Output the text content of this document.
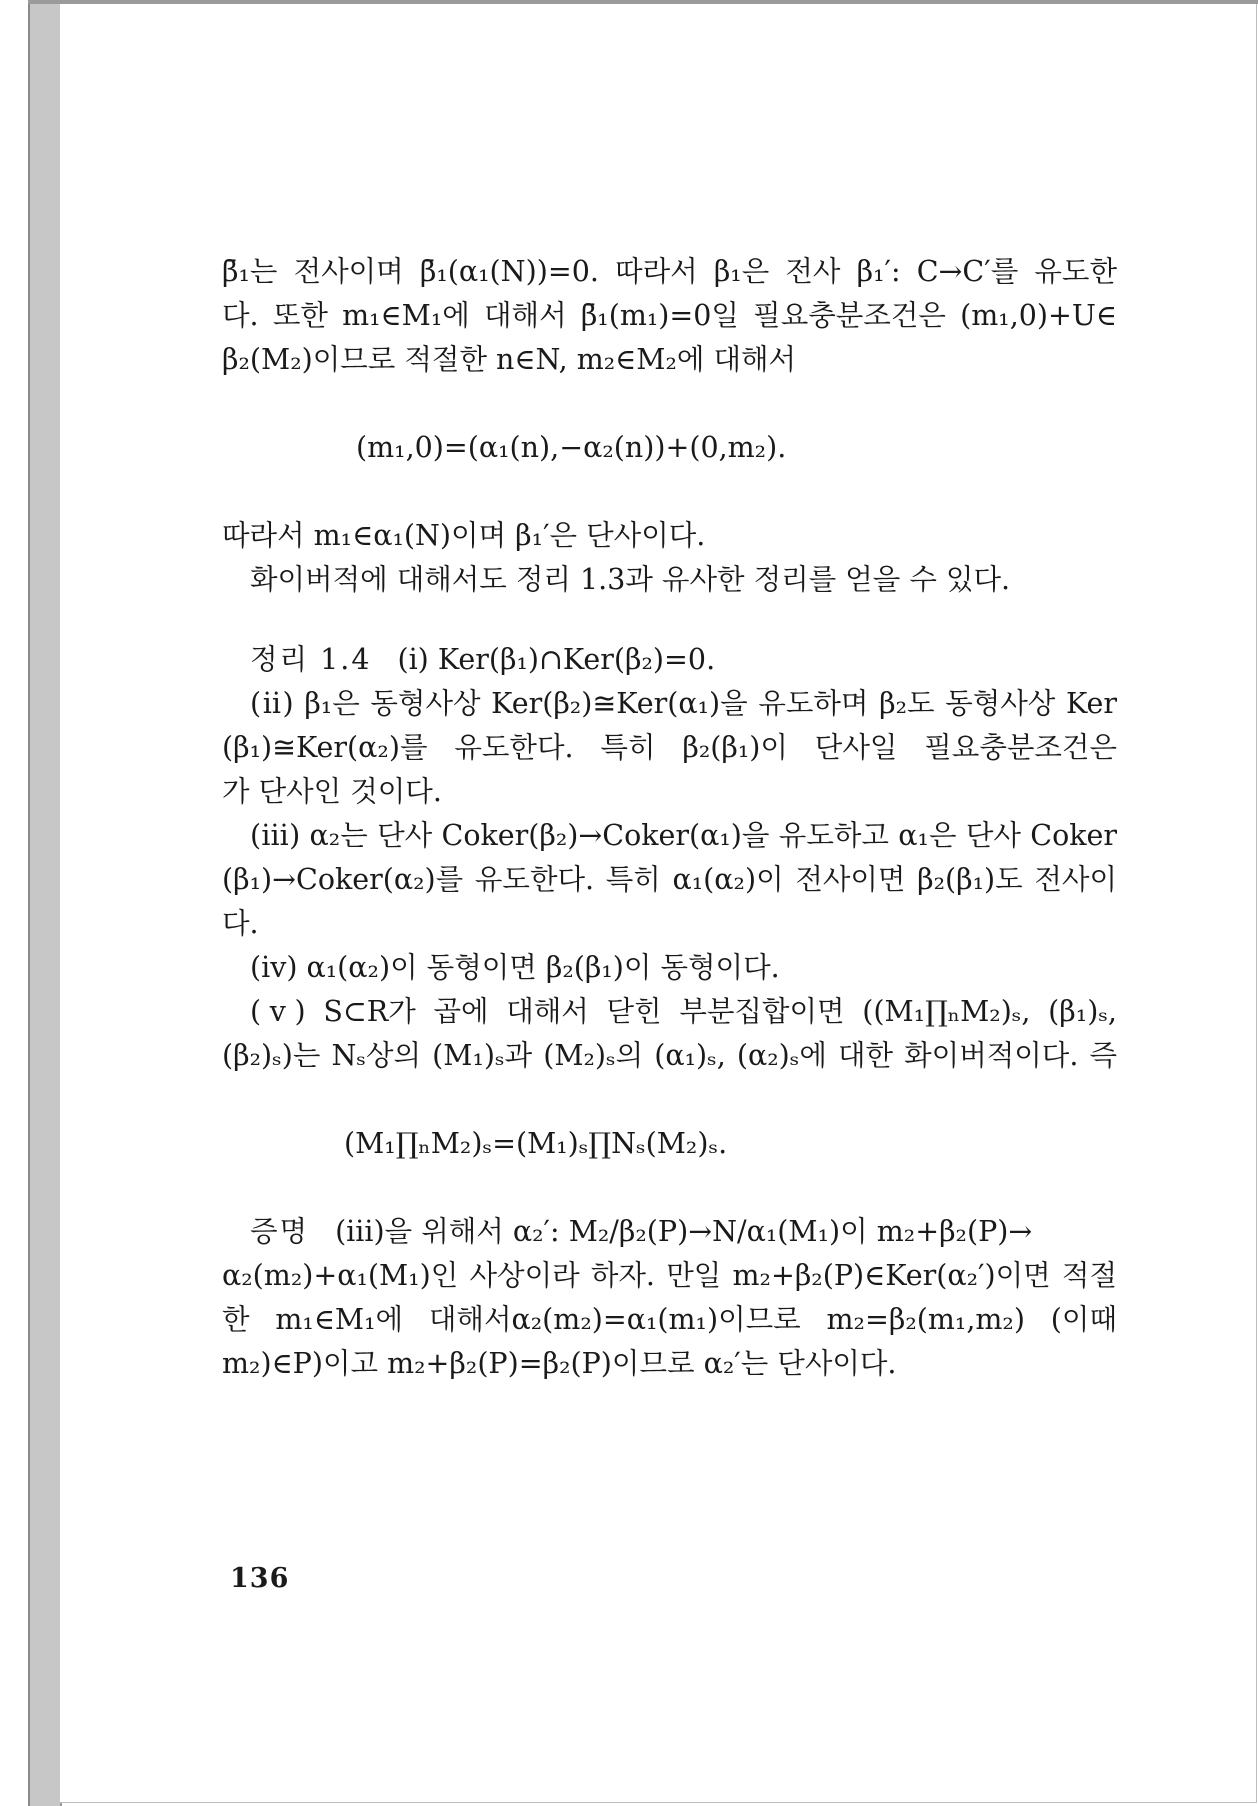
β̄₁는 전사이며 β̄₁(α₁(N))=0. 따라서 β₁은 전사 β₁′: C→C′를 유도한
다. 또한 m₁∈M₁에 대해서 β̄₁(m₁)=0일 필요충분조건은 (m₁,0)+U∈
β₂(M₂)이므로 적절한 n∈N, m₂∈M₂에 대해서
(m₁,0)=(α₁(n),−α₂(n))+(0,m₂).
따라서 m₁∈α₁(N)이며 β₁′은 단사이다.
화이버적에 대해서도 정리 1.3과 유사한 정리를 얻을 수 있다.
정리 1.4 (ⅰ) Ker(β₁)∩Ker(β₂)=0.
(ⅱ) β₁은 동형사상 Ker(β₂)≅Ker(α₁)을 유도하며 β₂도 동형사상 Ker
(β₁)≅Ker(α₂)를 유도한다. 특히 β₂(β₁)이 단사일 필요충분조건은
가 단사인 것이다.
(ⅲ) α₂는 단사 Coker(β₂)→Coker(α₁)을 유도하고 α₁은 단사 Coker
(β₁)→Coker(α₂)를 유도한다. 특히 α₁(α₂)이 전사이면 β₂(β₁)도 전사이
다.
(ⅳ) α₁(α₂)이 동형이면 β₂(β₁)이 동형이다.
(ⅴ) S⊂R가 곱에 대해서 닫힌 부분집합이면 ((M₁∏ₙM₂)ₛ, (β₁)ₛ,
(β₂)ₛ)는 Nₛ상의 (M₁)ₛ과 (M₂)ₛ의 (α₁)ₛ, (α₂)ₛ에 대한 화이버적이다. 즉
(M₁∏ₙM₂)ₛ=(M₁)ₛ∏Nₛ(M₂)ₛ.
증명 (ⅲ)을 위해서 α₂′: M₂/β₂(P)→N/α₁(M₁)이 m₂+β₂(P)→
α₂(m₂)+α₁(M₁)인 사상이라 하자. 만일 m₂+β₂(P)∈Ker(α₂′)이면 적절
한 m₁∈M₁에 대해서α₂(m₂)=α₁(m₁)이므로 m₂=β₂(m₁,m₂) (이때
m₂)∈P)이고 m₂+β₂(P)=β₂(P)이므로 α₂′는 단사이다.
136
